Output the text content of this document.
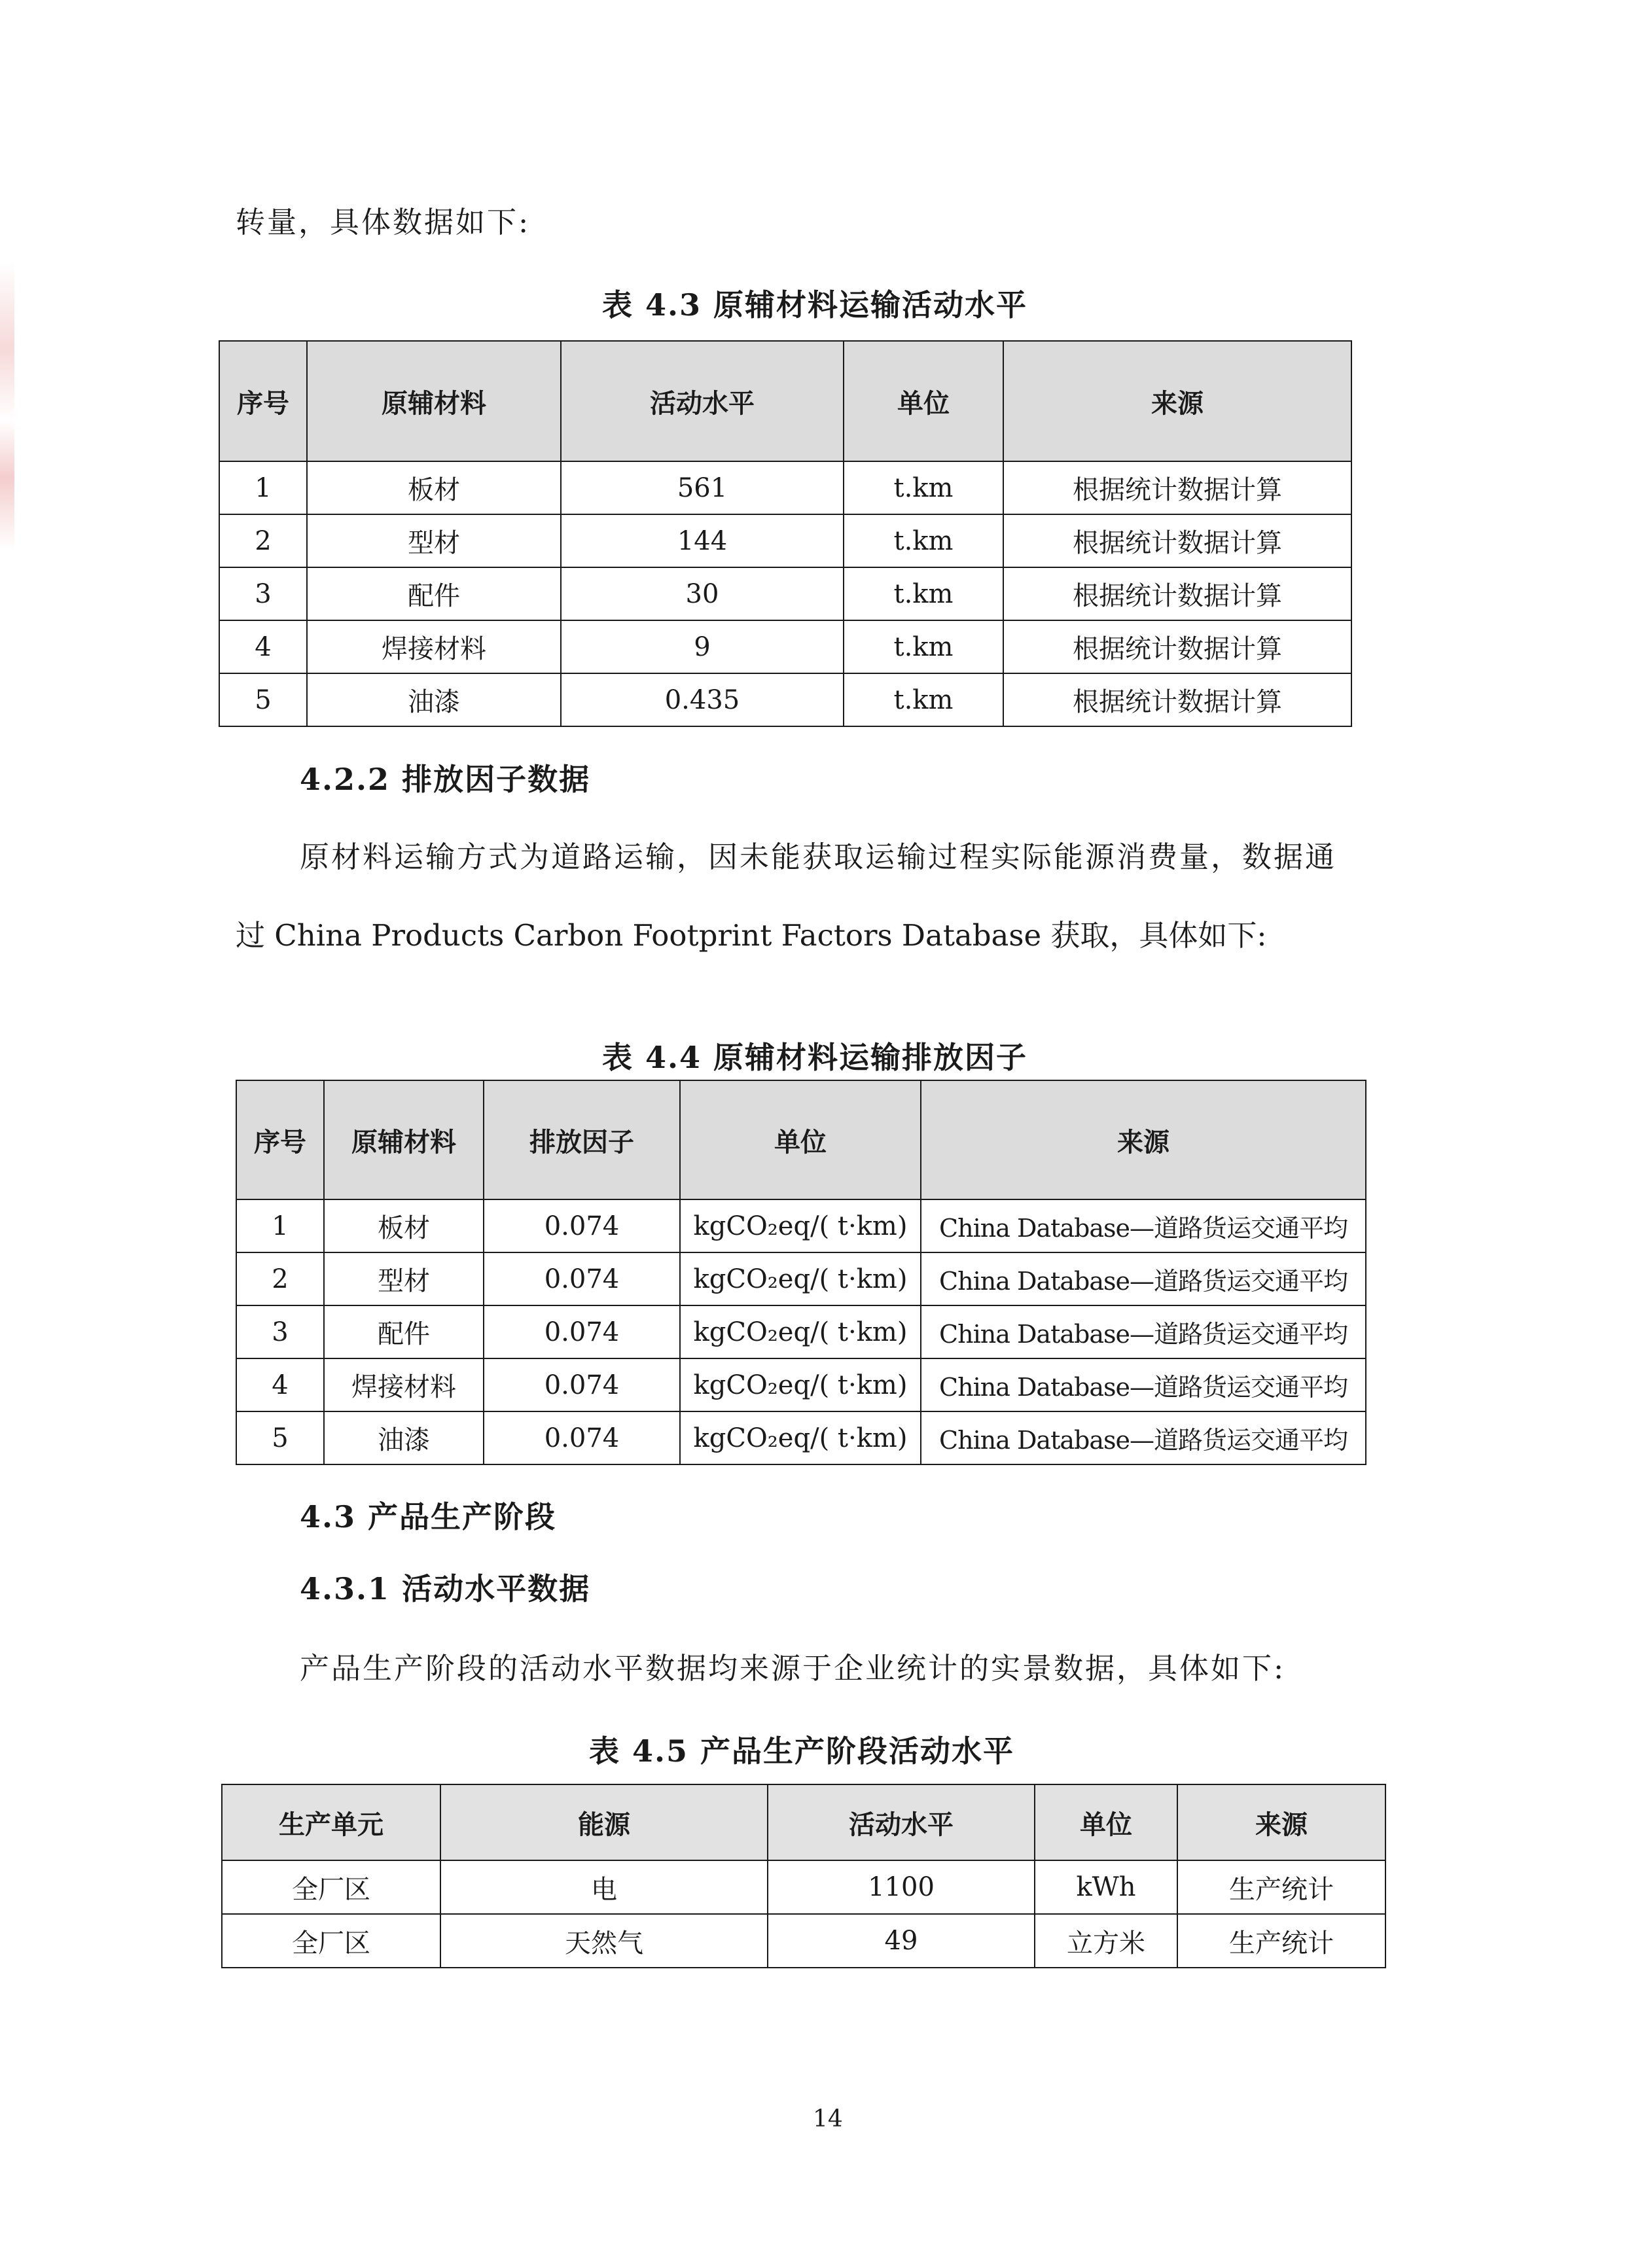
转量，具体数据如下:
表 4.3 原辅材料运输活动水平
序号	原辅材料	活动水平	单位	来源
1	板材	561	t.km	根据统计数据计算
2	型材	144	t.km	根据统计数据计算
3	配件	30	t.km	根据统计数据计算
4	焊接材料	9	t.km	根据统计数据计算
5	油漆	0.435	t.km	根据统计数据计算
4.2.2 排放因子数据
原材料运输方式为道路运输，因未能获取运输过程实际能源消费量，数据通
过 China Products Carbon Footprint Factors Database 获取，具体如下:
表 4.4 原辅材料运输排放因子
序号	原辅材料	排放因子	单位	来源
1	板材	0.074	kgCO₂eq/( t·km)	China Database—道路货运交通平均
2	型材	0.074	kgCO₂eq/( t·km)	China Database—道路货运交通平均
3	配件	0.074	kgCO₂eq/( t·km)	China Database—道路货运交通平均
4	焊接材料	0.074	kgCO₂eq/( t·km)	China Database—道路货运交通平均
5	油漆	0.074	kgCO₂eq/( t·km)	China Database—道路货运交通平均
4.3 产品生产阶段
4.3.1 活动水平数据
产品生产阶段的活动水平数据均来源于企业统计的实景数据，具体如下:
表 4.5 产品生产阶段活动水平
生产单元	能源	活动水平	单位	来源
全厂区	电	1100	kWh	生产统计
全厂区	天然气	49	立方米	生产统计
14
